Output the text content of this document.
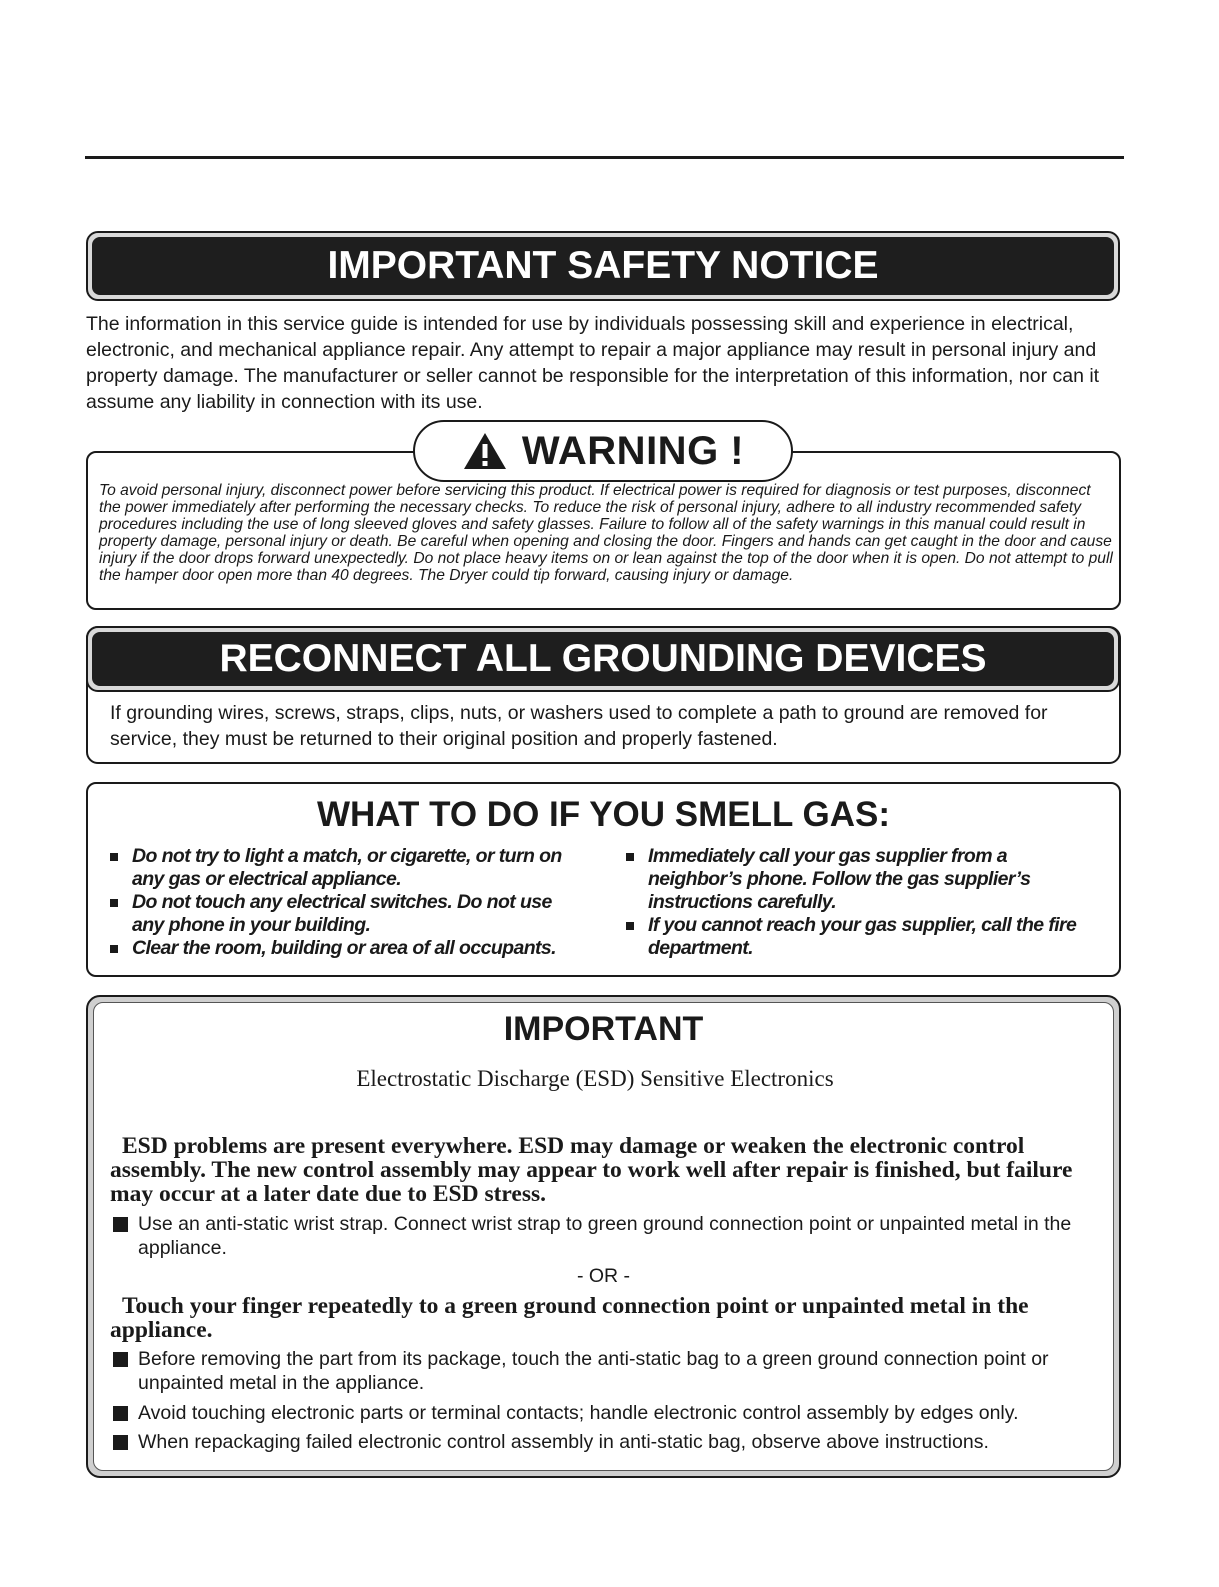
IMPORTANT SAFETY NOTICE

The information in this service guide is intended for use by individuals possessing skill and experience in electrical, electronic, and mechanical appliance repair. Any attempt to repair a major appliance may result in personal injury and property damage. The manufacturer or seller cannot be responsible for the interpretation of this information, nor can it assume any liability in connection with its use.

WARNING !

To avoid personal injury, disconnect power before servicing this product. If electrical power is required for diagnosis or test purposes, disconnect the power immediately after performing the necessary checks. To reduce the risk of personal injury, adhere to all industry recommended safety procedures including the use of long sleeved gloves and safety glasses. Failure to follow all of the safety warnings in this manual could result in property damage, personal injury or death. Be careful when opening and closing the door. Fingers and hands can get caught in the door and cause injury if the door drops forward unexpectedly. Do not place heavy items on or lean against the top of the door when it is open. Do not attempt to pull the hamper door open more than 40 degrees. The Dryer could tip forward, causing injury or damage.

RECONNECT ALL GROUNDING DEVICES

If grounding wires, screws, straps, clips, nuts, or washers used to complete a path to ground are removed for service, they must be returned to their original position and properly fastened.

WHAT TO DO IF YOU SMELL GAS:

Do not try to light a match, or cigarette, or turn on any gas or electrical appliance.
Do not touch any electrical switches. Do not use any phone in your building.
Clear the room, building or area of all occupants.
Immediately call your gas supplier from a neighbor’s phone. Follow the gas supplier’s instructions carefully.
If you cannot reach your gas supplier, call the fire department.

IMPORTANT

Electrostatic Discharge (ESD) Sensitive Electronics

ESD problems are present everywhere. ESD may damage or weaken the electronic control assembly. The new control assembly may appear to work well after repair is finished, but failure may occur at a later date due to ESD stress.

Use an anti-static wrist strap. Connect wrist strap to green ground connection point or unpainted metal in the appliance.

- OR -

Touch your finger repeatedly to a green ground connection point or unpainted metal in the appliance.

Before removing the part from its package, touch the anti-static bag to a green ground connection point or unpainted metal in the appliance.

Avoid touching electronic parts or terminal contacts; handle electronic control assembly by edges only.

When repackaging failed electronic control assembly in anti-static bag, observe above instructions.
